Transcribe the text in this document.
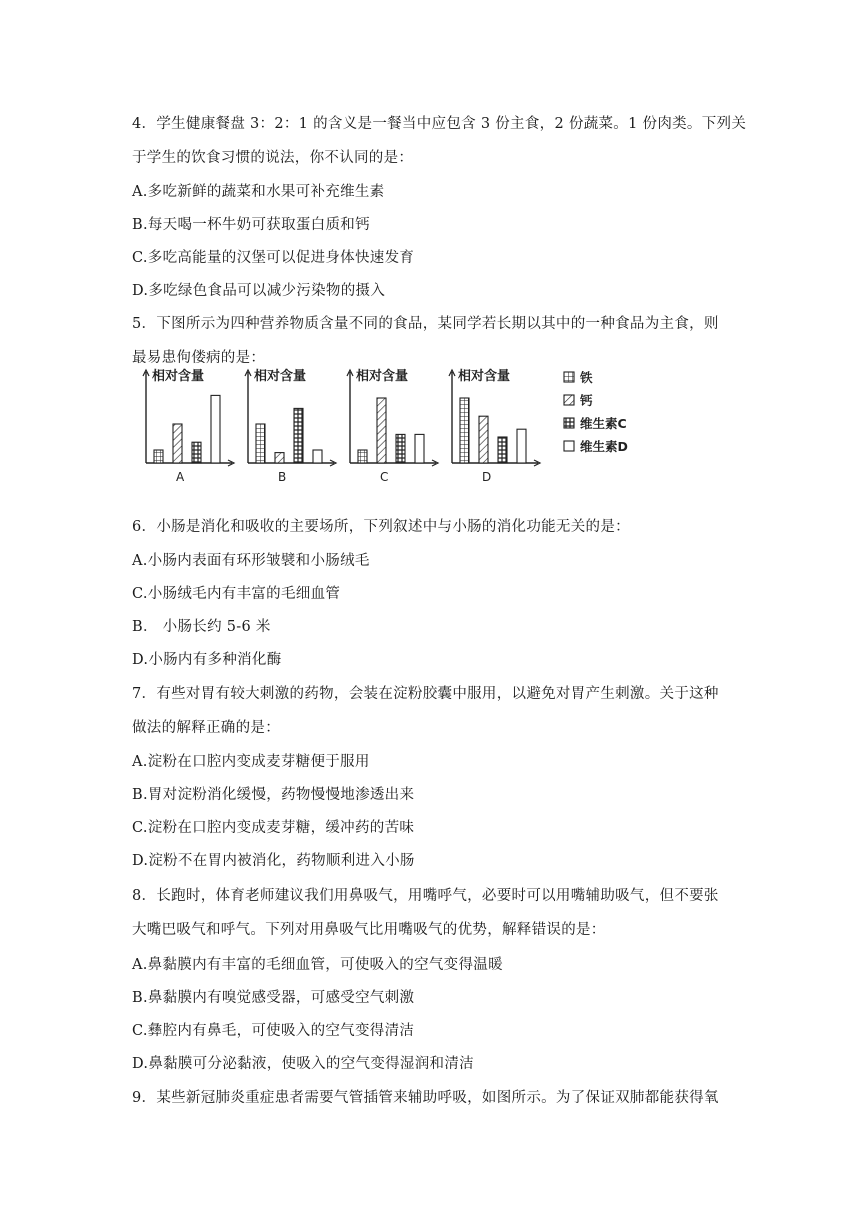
4．学生健康餐盘 3：2：1 的含义是一餐当中应包含 3 份主食，2 份蔬菜。1 份肉类。下列关
于学生的饮食习惯的说法，你不认同的是：
A.多吃新鲜的蔬菜和水果可补充维生素
B.每天喝一杯牛奶可获取蛋白质和钙
C.多吃高能量的汉堡可以促进身体快速发育
D.多吃绿色食品可以减少污染物的摄入
5．下图所示为四种营养物质含量不同的食品，某同学若长期以其中的一种食品为主食，则
最易患佝偻病的是：
相对含量
A
相对含量
B
相对含量
C
相对含量
D
铁
钙
维生素C
维生素D
6．小肠是消化和吸收的主要场所，下列叙述中与小肠的消化功能无关的是：
A.小肠内表面有环形皱襞和小肠绒毛
C.小肠绒毛内有丰富的毛细血管
B． 小肠长约 5-6 米
D.小肠内有多种消化酶
7．有些对胃有较大刺激的药物，会装在淀粉胶囊中服用，以避免对胃产生刺激。关于这种
做法的解释正确的是：
A.淀粉在口腔内变成麦芽糖便于服用
B.胃对淀粉消化缓慢，药物慢慢地渗透出来
C.淀粉在口腔内变成麦芽糖，缓冲药的苦味
D.淀粉不在胃内被消化，药物顺利进入小肠
8．长跑时，体育老师建议我们用鼻吸气，用嘴呼气，必要时可以用嘴辅助吸气，但不要张
大嘴巴吸气和呼气。下列对用鼻吸气比用嘴吸气的优势，解释错误的是：
A.鼻黏膜内有丰富的毛细血管，可使吸入的空气变得温暖
B.鼻黏膜内有嗅觉感受器，可感受空气刺激
C.彝腔内有鼻毛，可使吸入的空气变得清洁
D.鼻黏膜可分泌黏液，使吸入的空气变得湿润和清洁
9．某些新冠肺炎重症患者需要气管插管来辅助呼吸，如图所示。为了保证双肺都能获得氧
